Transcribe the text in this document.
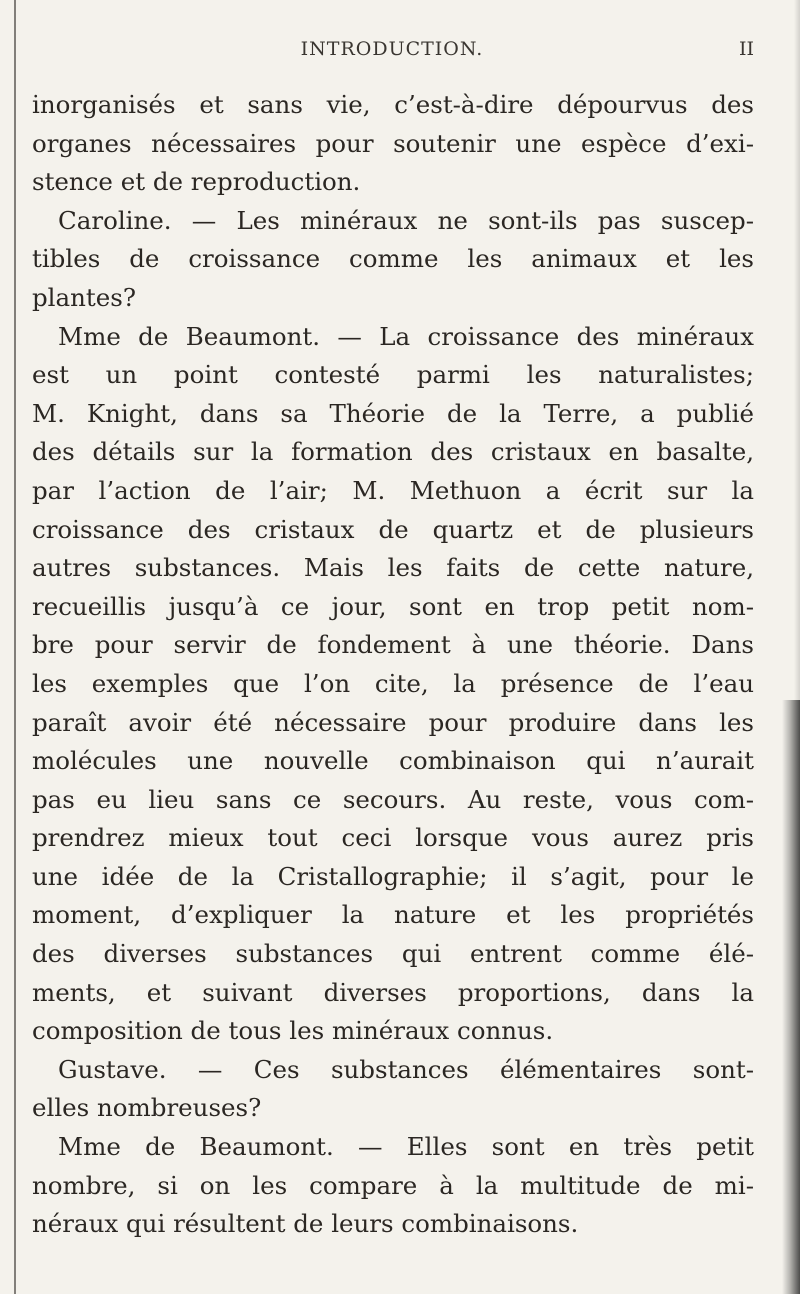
INTRODUCTION.	II
inorganisés et sans vie, c’est-à-dire dépourvus des
organes nécessaires pour soutenir une espèce d’exi-
stence et de reproduction.
Caroline. — Les minéraux ne sont-ils pas suscep-
tibles de croissance comme les animaux et les
plantes?
Mme de Beaumont. — La croissance des minéraux
est un point contesté parmi les naturalistes;
M. Knight, dans sa Théorie de la Terre, a publié
des détails sur la formation des cristaux en basalte,
par l’action de l’air; M. Methuon a écrit sur la
croissance des cristaux de quartz et de plusieurs
autres substances. Mais les faits de cette nature,
recueillis jusqu’à ce jour, sont en trop petit nom-
bre pour servir de fondement à une théorie. Dans
les exemples que l’on cite, la présence de l’eau
paraît avoir été nécessaire pour produire dans les
molécules une nouvelle combinaison qui n’aurait
pas eu lieu sans ce secours. Au reste, vous com-
prendrez mieux tout ceci lorsque vous aurez pris
une idée de la Cristallographie; il s’agit, pour le
moment, d’expliquer la nature et les propriétés
des diverses substances qui entrent comme élé-
ments, et suivant diverses proportions, dans la
composition de tous les minéraux connus.
Gustave. — Ces substances élémentaires sont-
elles nombreuses?
Mme de Beaumont. — Elles sont en très petit
nombre, si on les compare à la multitude de mi-
néraux qui résultent de leurs combinaisons.
